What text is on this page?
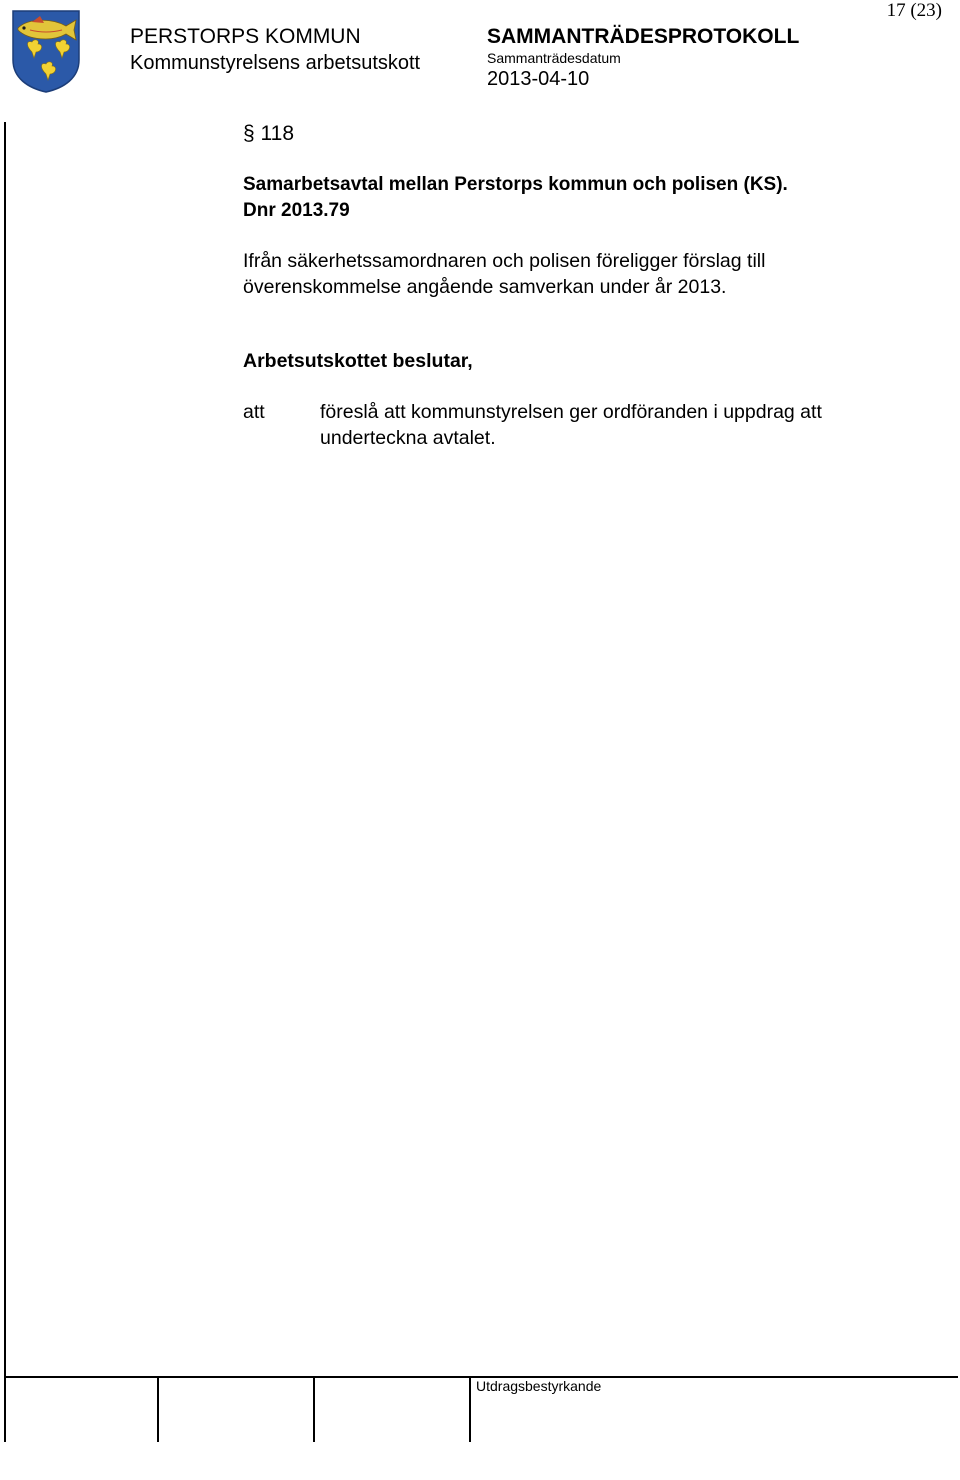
PERSTORPS KOMMUN
Kommunstyrelsens arbetsutskott
SAMMANTRÄDESPROTOKOLL
Sammanträdesdatum
2013-04-10
17 (23)
Utdragsbestyrkande
§ 118
Samarbetsavtal mellan Perstorps kommun och polisen (KS).
Dnr 2013.79
Ifrån säkerhetssamordnaren och polisen föreligger förslag till överenskommelse angående samverkan under år 2013.
Arbetsutskottet beslutar,
att	föreslå att kommunstyrelsen ger ordföranden i uppdrag att underteckna avtalet.
